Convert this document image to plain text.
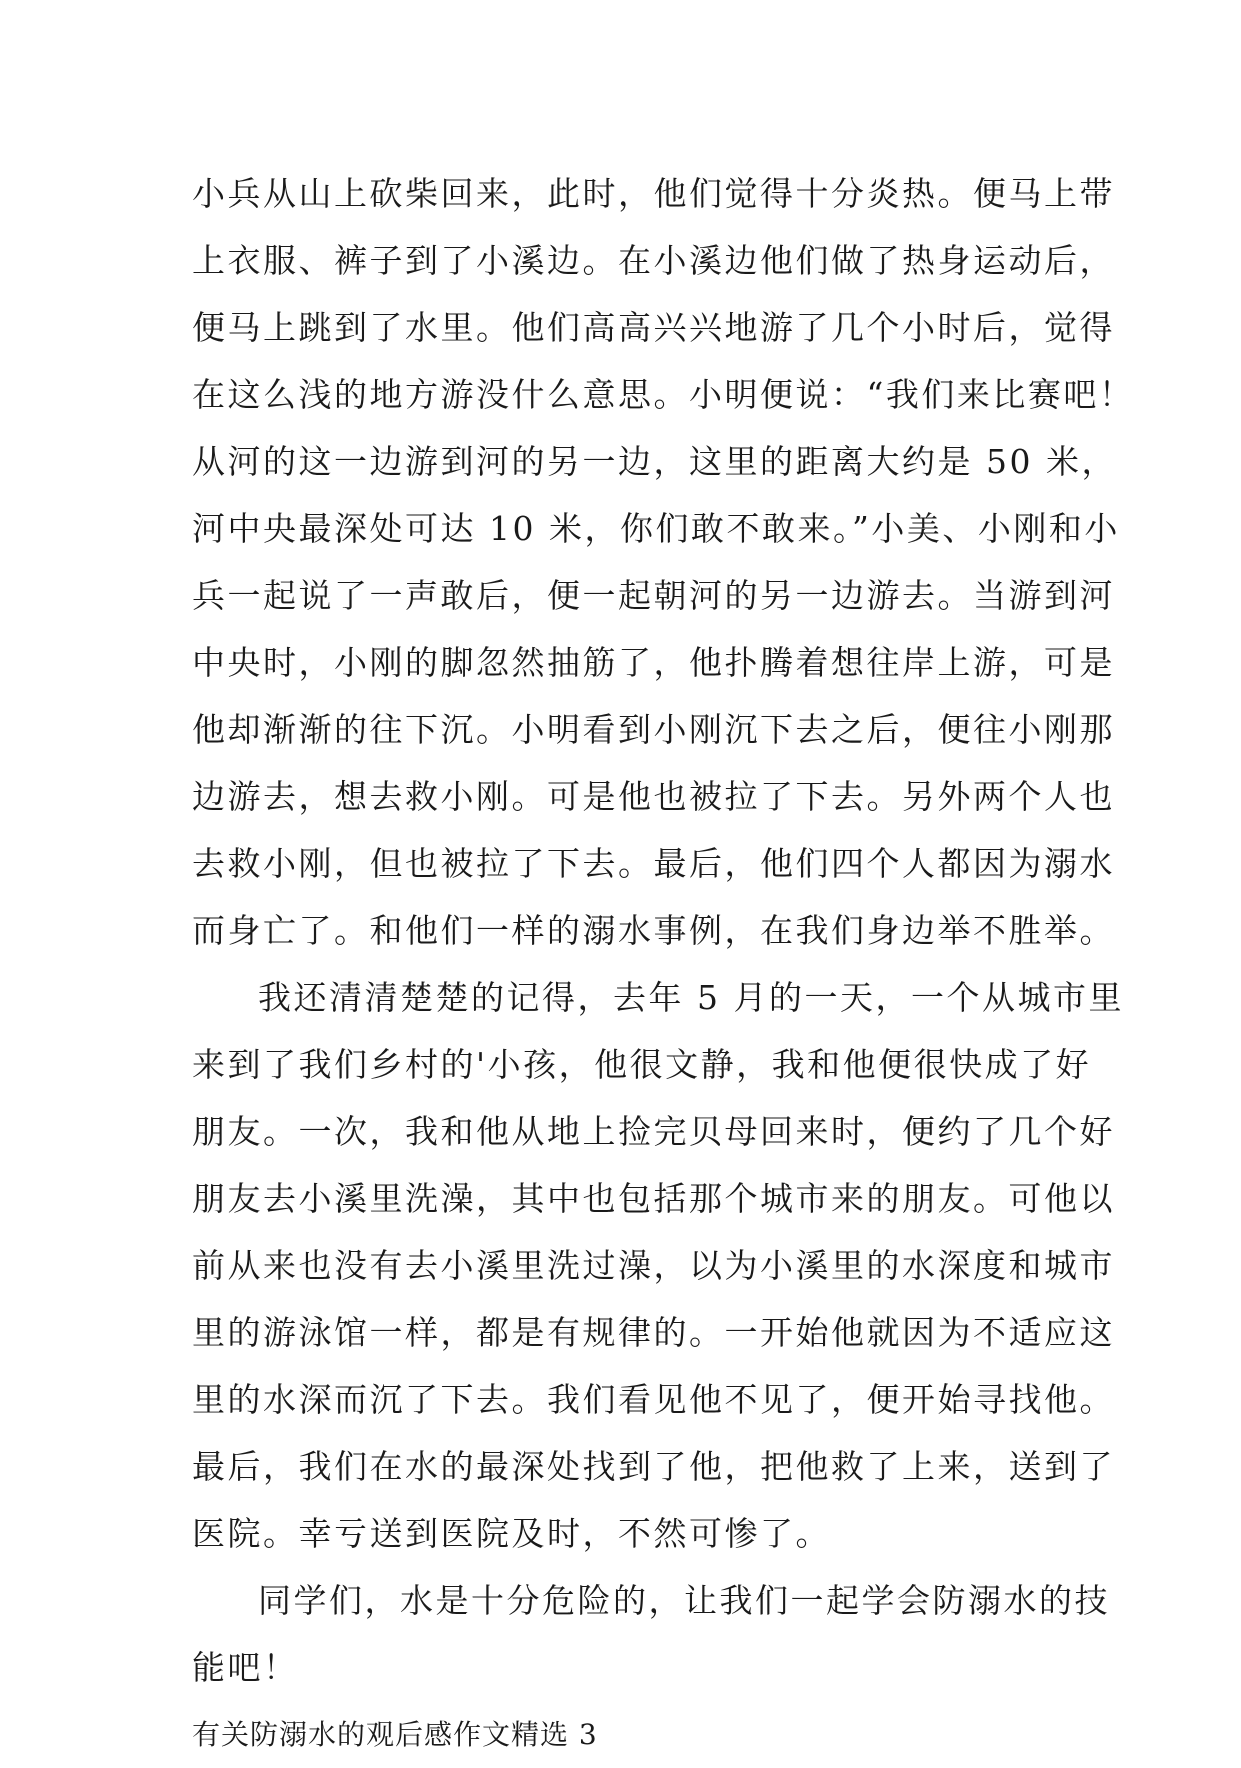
小兵从山上砍柴回来，此时，他们觉得十分炎热。便马上带
上衣服、裤子到了小溪边。在小溪边他们做了热身运动后，
便马上跳到了水里。他们高高兴兴地游了几个小时后，觉得
在这么浅的地方游没什么意思。小明便说：“我们来比赛吧！
从河的这一边游到河的另一边，这里的距离大约是 50 米，
河中央最深处可达 10 米，你们敢不敢来。”小美、小刚和小
兵一起说了一声敢后，便一起朝河的另一边游去。当游到河
中央时，小刚的脚忽然抽筋了，他扑腾着想往岸上游，可是
他却渐渐的往下沉。小明看到小刚沉下去之后，便往小刚那
边游去，想去救小刚。可是他也被拉了下去。另外两个人也
去救小刚，但也被拉了下去。最后，他们四个人都因为溺水
而身亡了。和他们一样的溺水事例，在我们身边举不胜举。
我还清清楚楚的记得，去年 5 月的一天，一个从城市里
来到了我们乡村的'小孩，他很文静，我和他便很快成了好
朋友。一次，我和他从地上捡完贝母回来时，便约了几个好
朋友去小溪里洗澡，其中也包括那个城市来的朋友。可他以
前从来也没有去小溪里洗过澡，以为小溪里的水深度和城市
里的游泳馆一样，都是有规律的。一开始他就因为不适应这
里的水深而沉了下去。我们看见他不见了，便开始寻找他。
最后，我们在水的最深处找到了他，把他救了上来，送到了
医院。幸亏送到医院及时，不然可惨了。
同学们，水是十分危险的，让我们一起学会防溺水的技
能吧！
有关防溺水的观后感作文精选 3
